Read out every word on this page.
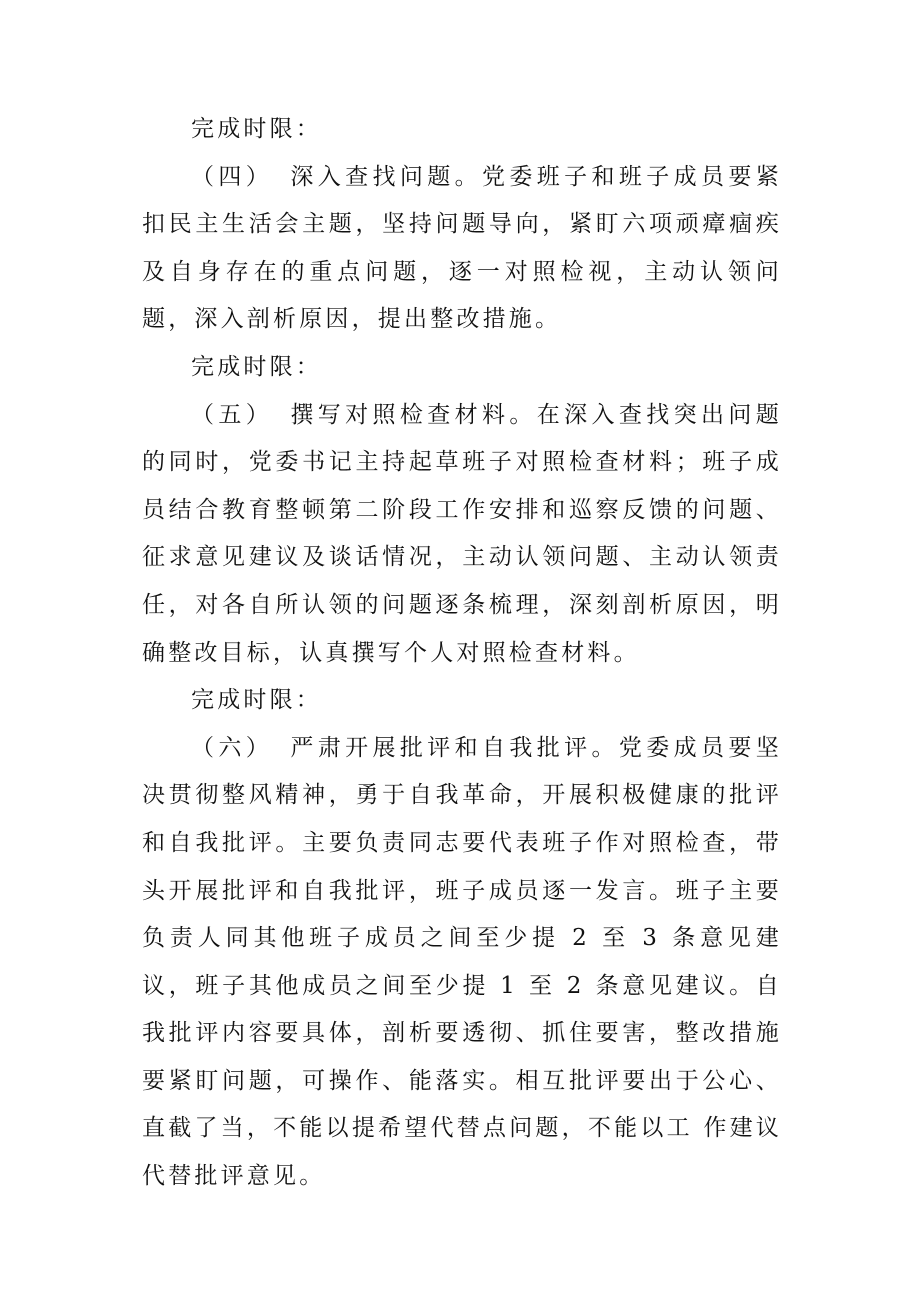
完成时限：

（四） 深入查找问题。党委班子和班子成员要紧扣民主生活会主题，坚持问题导向，紧盯六项顽瘴痼疾及自身存在的重点问题，逐一对照检视，主动认领问题，深入剖析原因，提出整改措施。

完成时限：

（五） 撰写对照检查材料。在深入查找突出问题的同时，党委书记主持起草班子对照检查材料；班子成员结合教育整顿第二阶段工作安排和巡察反馈的问题、征求意见建议及谈话情况，主动认领问题、主动认领责任，对各自所认领的问题逐条梳理，深刻剖析原因，明确整改目标，认真撰写个人对照检查材料。

完成时限：

（六） 严肃开展批评和自我批评。党委成员要坚决贯彻整风精神，勇于自我革命，开展积极健康的批评和自我批评。主要负责同志要代表班子作对照检查，带头开展批评和自我批评，班子成员逐一发言。班子主要负责人同其他班子成员之间至少提 2 至 3 条意见建议，班子其他成员之间至少提 1 至 2 条意见建议。自我批评内容要具体，剖析要透彻、抓住要害，整改措施要紧盯问题，可操作、能落实。相互批评要出于公心、直截了当，不能以提希望代替点问题，不能以工 作建议代替批评意见。
